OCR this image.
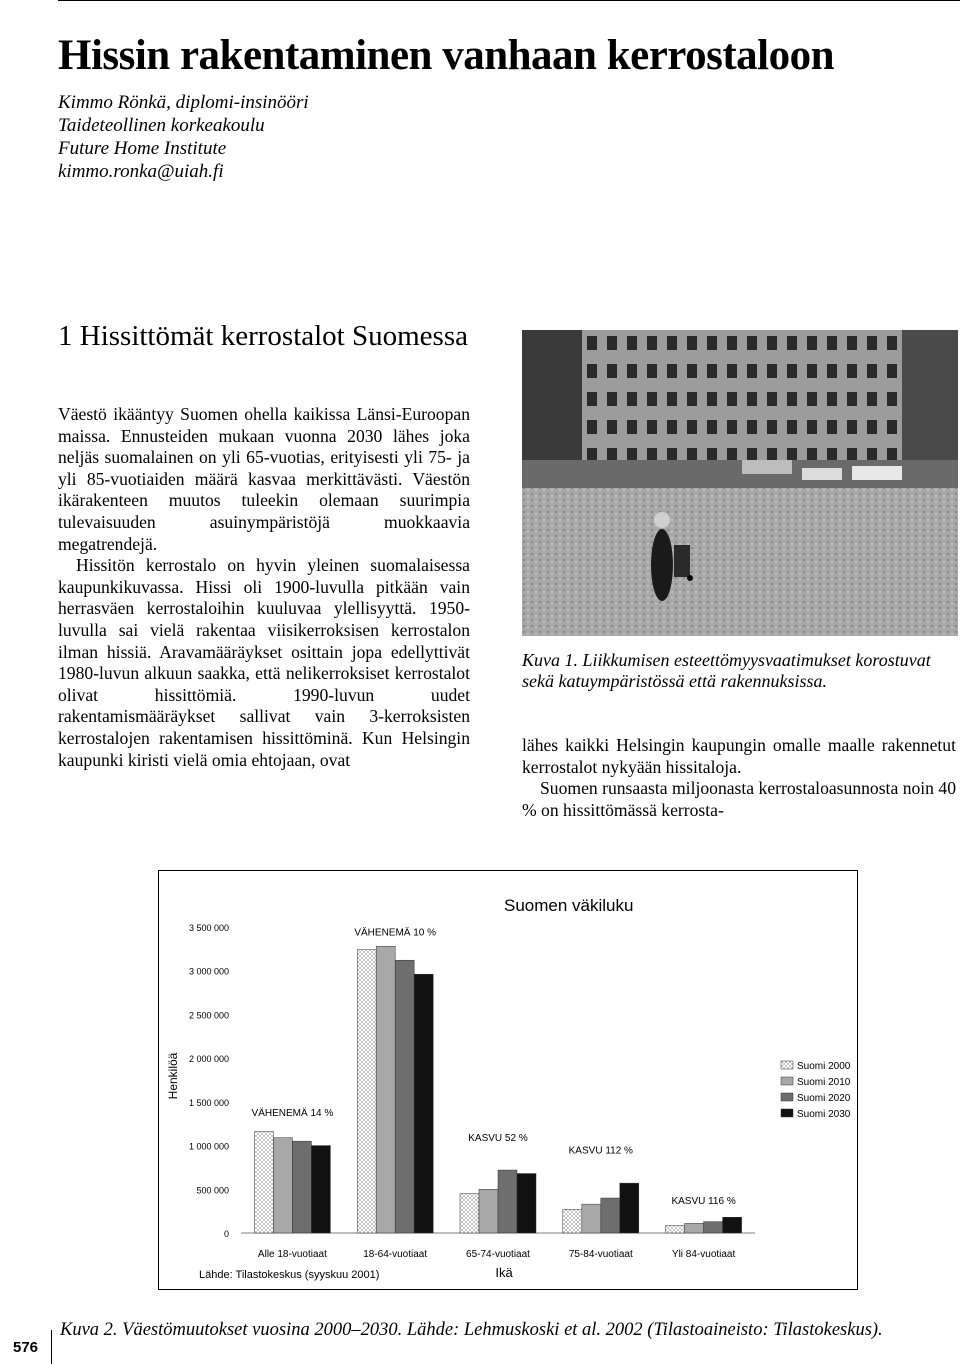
Hissin rakentaminen vanhaan kerrostaloon
Kimmo Rönkä, diplomi-insinööri
Taideteollinen korkeakoulu
Future Home Institute
kimmo.ronka@uiah.fi
1 Hissittömät kerrostalot Suomessa

Väestö ikääntyy Suomen ohella kaikissa Länsi-Euroopan maissa. Ennusteiden mukaan vuonna 2030 lähes joka neljäs suomalainen on yli 65-vuotias, erityisesti yli 75- ja yli 85-vuotiaiden määrä kasvaa merkittävästi. Väestön ikärakenteen muutos tuleekin olemaan suurimpia tulevaisuuden asuinympäristöjä muokkaavia megatrendejä.

Hissitön kerrostalo on hyvin yleinen suomalaisessa kaupunkikuvassa. Hissi oli 1900-luvulla pitkään vain herrasväen kerrostaloihin kuuluvaa ylellisyyttä. 1950-luvulla sai vielä rakentaa viisikerroksisen kerrostalon ilman hissiä. Aravamääräykset osittain jopa edellyttivät 1980-luvun alkuun saakka, että nelikerroksiset kerrostalot olivat hissittömiä. 1990-luvun uudet rakentamismääräykset sallivat vain 3-kerroksisten kerrostalojen rakentamisen hissittöminä. Kun Helsingin kaupunki kiristi vielä omia ehtojaan, ovat

Kuva 1. Liikkumisen esteettömyysvaatimukset korostuvat sekä katuympäristössä että rakennuksissa.

lähes kaikki Helsingin kaupungin omalle maalle rakennetut kerrostalot nykyään hissitaloja.

Suomen runsaasta miljoonasta kerrostaloasunnosta noin 40 % on hissittömässä kerrosta-

Suomen väkiluku
Henkilöä
Ikä
Lähde: Tilastokeskus (syyskuu 2001)
0
500 000
1 000 000
1 500 000
2 000 000
2 500 000
3 000 000
3 500 000
Alle 18-vuotiaat	18-64-vuotiaat	65-74-vuotiaat	75-84-vuotiaat	Yli 84-vuotiaat
VÄHENEMÄ 14 %
VÄHENEMÄ 10 %
KASVU 52 %
KASVU 112 %
KASVU 116 %
Suomi 2000
Suomi 2010
Suomi 2020
Suomi 2030
Kuva 2. Väestömuutokset vuosina 2000–2030. Lähde: Lehmuskoski et al. 2002 (Tilastoaineisto: Tilastokeskus).
576
